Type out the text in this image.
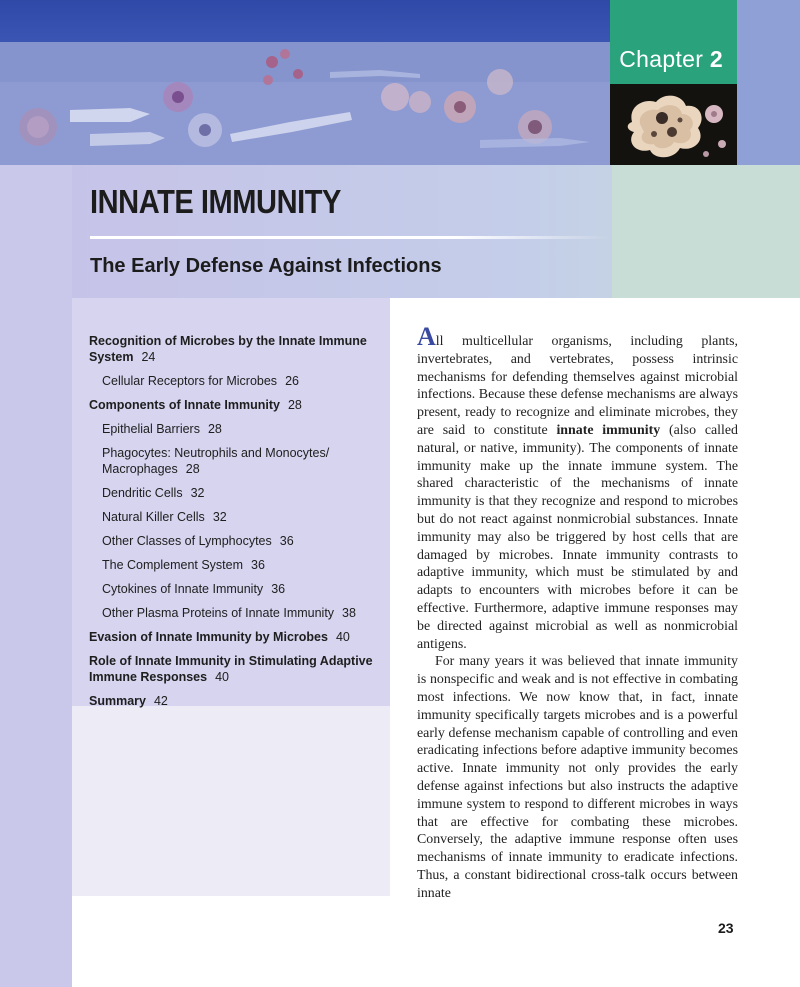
Chapter 2
INNATE IMMUNITY
The Early Defense Against Infections

Recognition of Microbes by the Innate Immune System 24

Cellular Receptors for Microbes 26

Components of Innate Immunity 28

Epithelial Barriers 28

Phagocytes: Neutrophils and Monocytes/ Macrophages 28

Dendritic Cells 32

Natural Killer Cells 32

Other Classes of Lymphocytes 36

The Complement System 36

Cytokines of Innate Immunity 36

Other Plasma Proteins of Innate Immunity 38

Evasion of Innate Immunity by Microbes 40

Role of Innate Immunity in Stimulating Adaptive Immune Responses 40

Summary 42

All multicellular organisms, including plants, invertebrates, and vertebrates, possess intrinsic mechanisms for defending themselves against microbial infections. Because these defense mechanisms are always present, ready to recognize and eliminate microbes, they are said to constitute innate immunity (also called natural, or native, immunity). The components of innate immunity make up the innate immune system. The shared characteristic of the mechanisms of innate immunity is that they recognize and respond to microbes but do not react against nonmicrobial substances. Innate immunity may also be triggered by host cells that are damaged by microbes. Innate immunity contrasts to adaptive immunity, which must be stimulated by and adapts to encounters with microbes before it can be effective. Furthermore, adaptive immune responses may be directed against microbial as well as nonmicrobial antigens.

For many years it was believed that innate immunity is nonspecific and weak and is not effective in combating most infections. We now know that, in fact, innate immunity specifically targets microbes and is a powerful early defense mechanism capable of controlling and even eradicating infections before adaptive immunity becomes active. Innate immunity not only provides the early defense against infections but also instructs the adaptive immune system to respond to different microbes in ways that are effective for combating these microbes. Conversely, the adaptive immune response often uses mechanisms of innate immunity to eradicate infections. Thus, a constant bidirectional cross-talk occurs between innate

23
